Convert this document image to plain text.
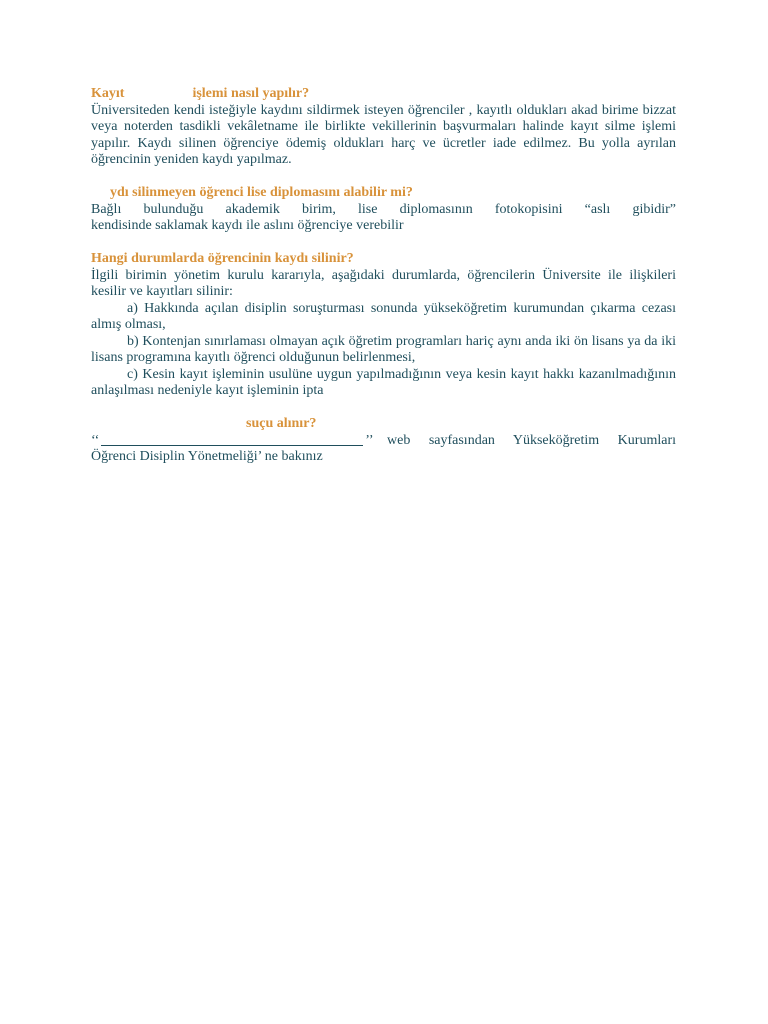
Kayıt	işlemi nasıl yapılır?
Üniversiteden kendi isteğiyle kaydını sildirmek isteyen öğrenciler , kayıtlı oldukları akad birime bizzat veya noterden tasdikli vekâletname ile birlikte vekillerinin başvurmaları halinde kayıt silme işlemi yapılır. Kaydı silinen öğrenciye ödemiş oldukları harç ve ücretler iade edilmez. Bu yolla ayrılan öğrencinin yeniden kaydı yapılmaz.
ydı silinmeyen öğrenci lise diplomasını alabilir mi?
Bağlı bulunduğu akademik birim, lise diplomasının fotokopisini “aslı gibidir”
kendisinde saklamak kaydı ile aslını öğrenciye verebilir
Hangi durumlarda öğrencinin kaydı silinir?
İlgili birimin yönetim kurulu kararıyla, aşağıdaki durumlarda, öğrencilerin Üniversite ile ilişkileri kesilir ve kayıtları silinir:
a) Hakkında açılan disiplin soruşturması sonunda yükseköğretim kurumundan çıkarma cezası almış olması,
b) Kontenjan sınırlaması olmayan açık öğretim programları hariç aynı anda iki ön lisans ya da iki lisans programına kayıtlı öğrenci olduğunun belirlenmesi,
c) Kesin kayıt işleminin usulüne uygun yapılmadığının veya kesin kayıt hakkı kazanılmadığının anlaşılması nedeniyle kayıt işleminin ipta
suçu alınır?
‘‘	’’ web sayfasından Yükseköğretim Kurumları
Öğrenci Disiplin Yönetmeliği’ ne bakınız
